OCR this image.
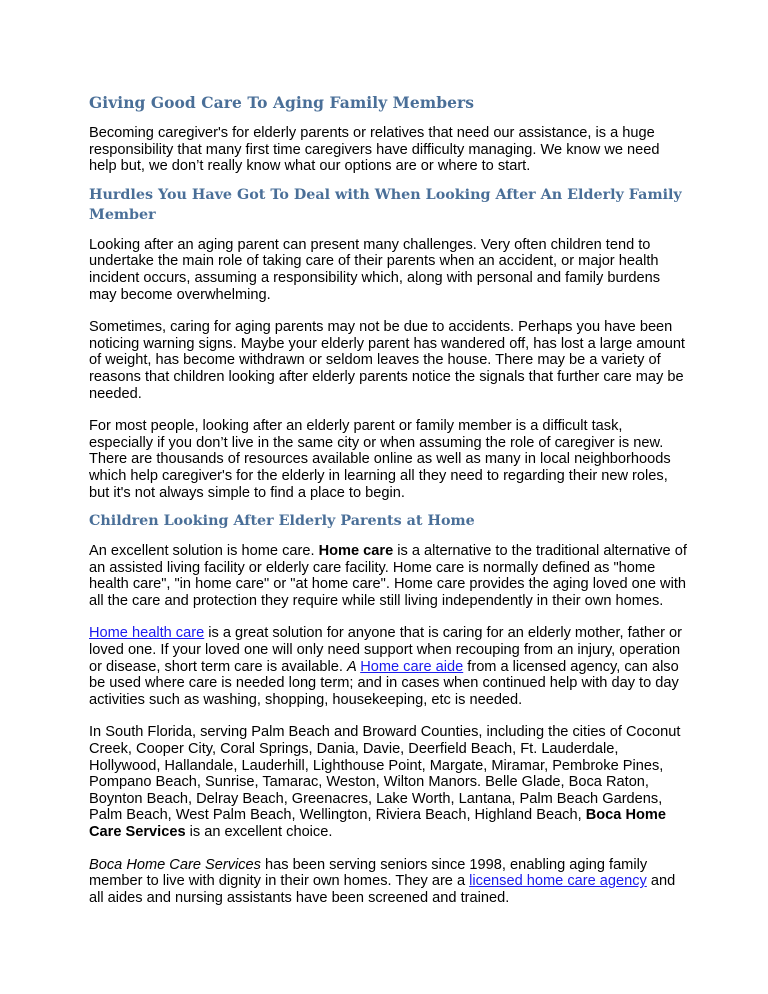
Giving Good Care To Aging Family Members

Becoming caregiver's for elderly parents or relatives that need our assistance, is a huge responsibility that many first time caregivers have difficulty managing. We know we need help but, we don’t really know what our options are or where to start.

Hurdles You Have Got To Deal with When Looking After An Elderly Family Member

Looking after an aging parent can present many challenges. Very often children tend to undertake the main role of taking care of their parents when an accident, or major health incident occurs, assuming a responsibility which, along with personal and family burdens may become overwhelming.

Sometimes, caring for aging parents may not be due to accidents. Perhaps you have been noticing warning signs. Maybe your elderly parent has wandered off, has lost a large amount of weight, has become withdrawn or seldom leaves the house. There may be a variety of reasons that children looking after elderly parents notice the signals that further care may be needed.

For most people, looking after an elderly parent or family member is a difficult task, especially if you don’t live in the same city or when assuming the role of caregiver is new. There are thousands of resources available online as well as many in local neighborhoods which help caregiver's for the elderly in learning all they need to regarding their new roles, but it's not always simple to find a place to begin.

Children Looking After Elderly Parents at Home

An excellent solution is home care. Home care is a alternative to the traditional alternative of an assisted living facility or elderly care facility. Home care is normally defined as "home health care", "in home care" or "at home care". Home care provides the aging loved one with all the care and protection they require while still living independently in their own homes.

Home health care is a great solution for anyone that is caring for an elderly mother, father or loved one. If your loved one will only need support when recouping from an injury, operation or disease, short term care is available. A Home care aide from a licensed agency, can also be used where care is needed long term; and in cases when continued help with day to day activities such as washing, shopping, housekeeping, etc is needed.

In South Florida, serving Palm Beach and Broward Counties, including the cities of Coconut Creek, Cooper City, Coral Springs, Dania, Davie, Deerfield Beach, Ft. Lauderdale, Hollywood, Hallandale, Lauderhill, Lighthouse Point, Margate, Miramar, Pembroke Pines, Pompano Beach, Sunrise, Tamarac, Weston, Wilton Manors. Belle Glade, Boca Raton, Boynton Beach, Delray Beach, Greenacres, Lake Worth, Lantana, Palm Beach Gardens, Palm Beach, West Palm Beach, Wellington, Riviera Beach, Highland Beach, Boca Home Care Services is an excellent choice.

Boca Home Care Services has been serving seniors since 1998, enabling aging family member to live with dignity in their own homes. They are a licensed home care agency and all aides and nursing assistants have been screened and trained.
